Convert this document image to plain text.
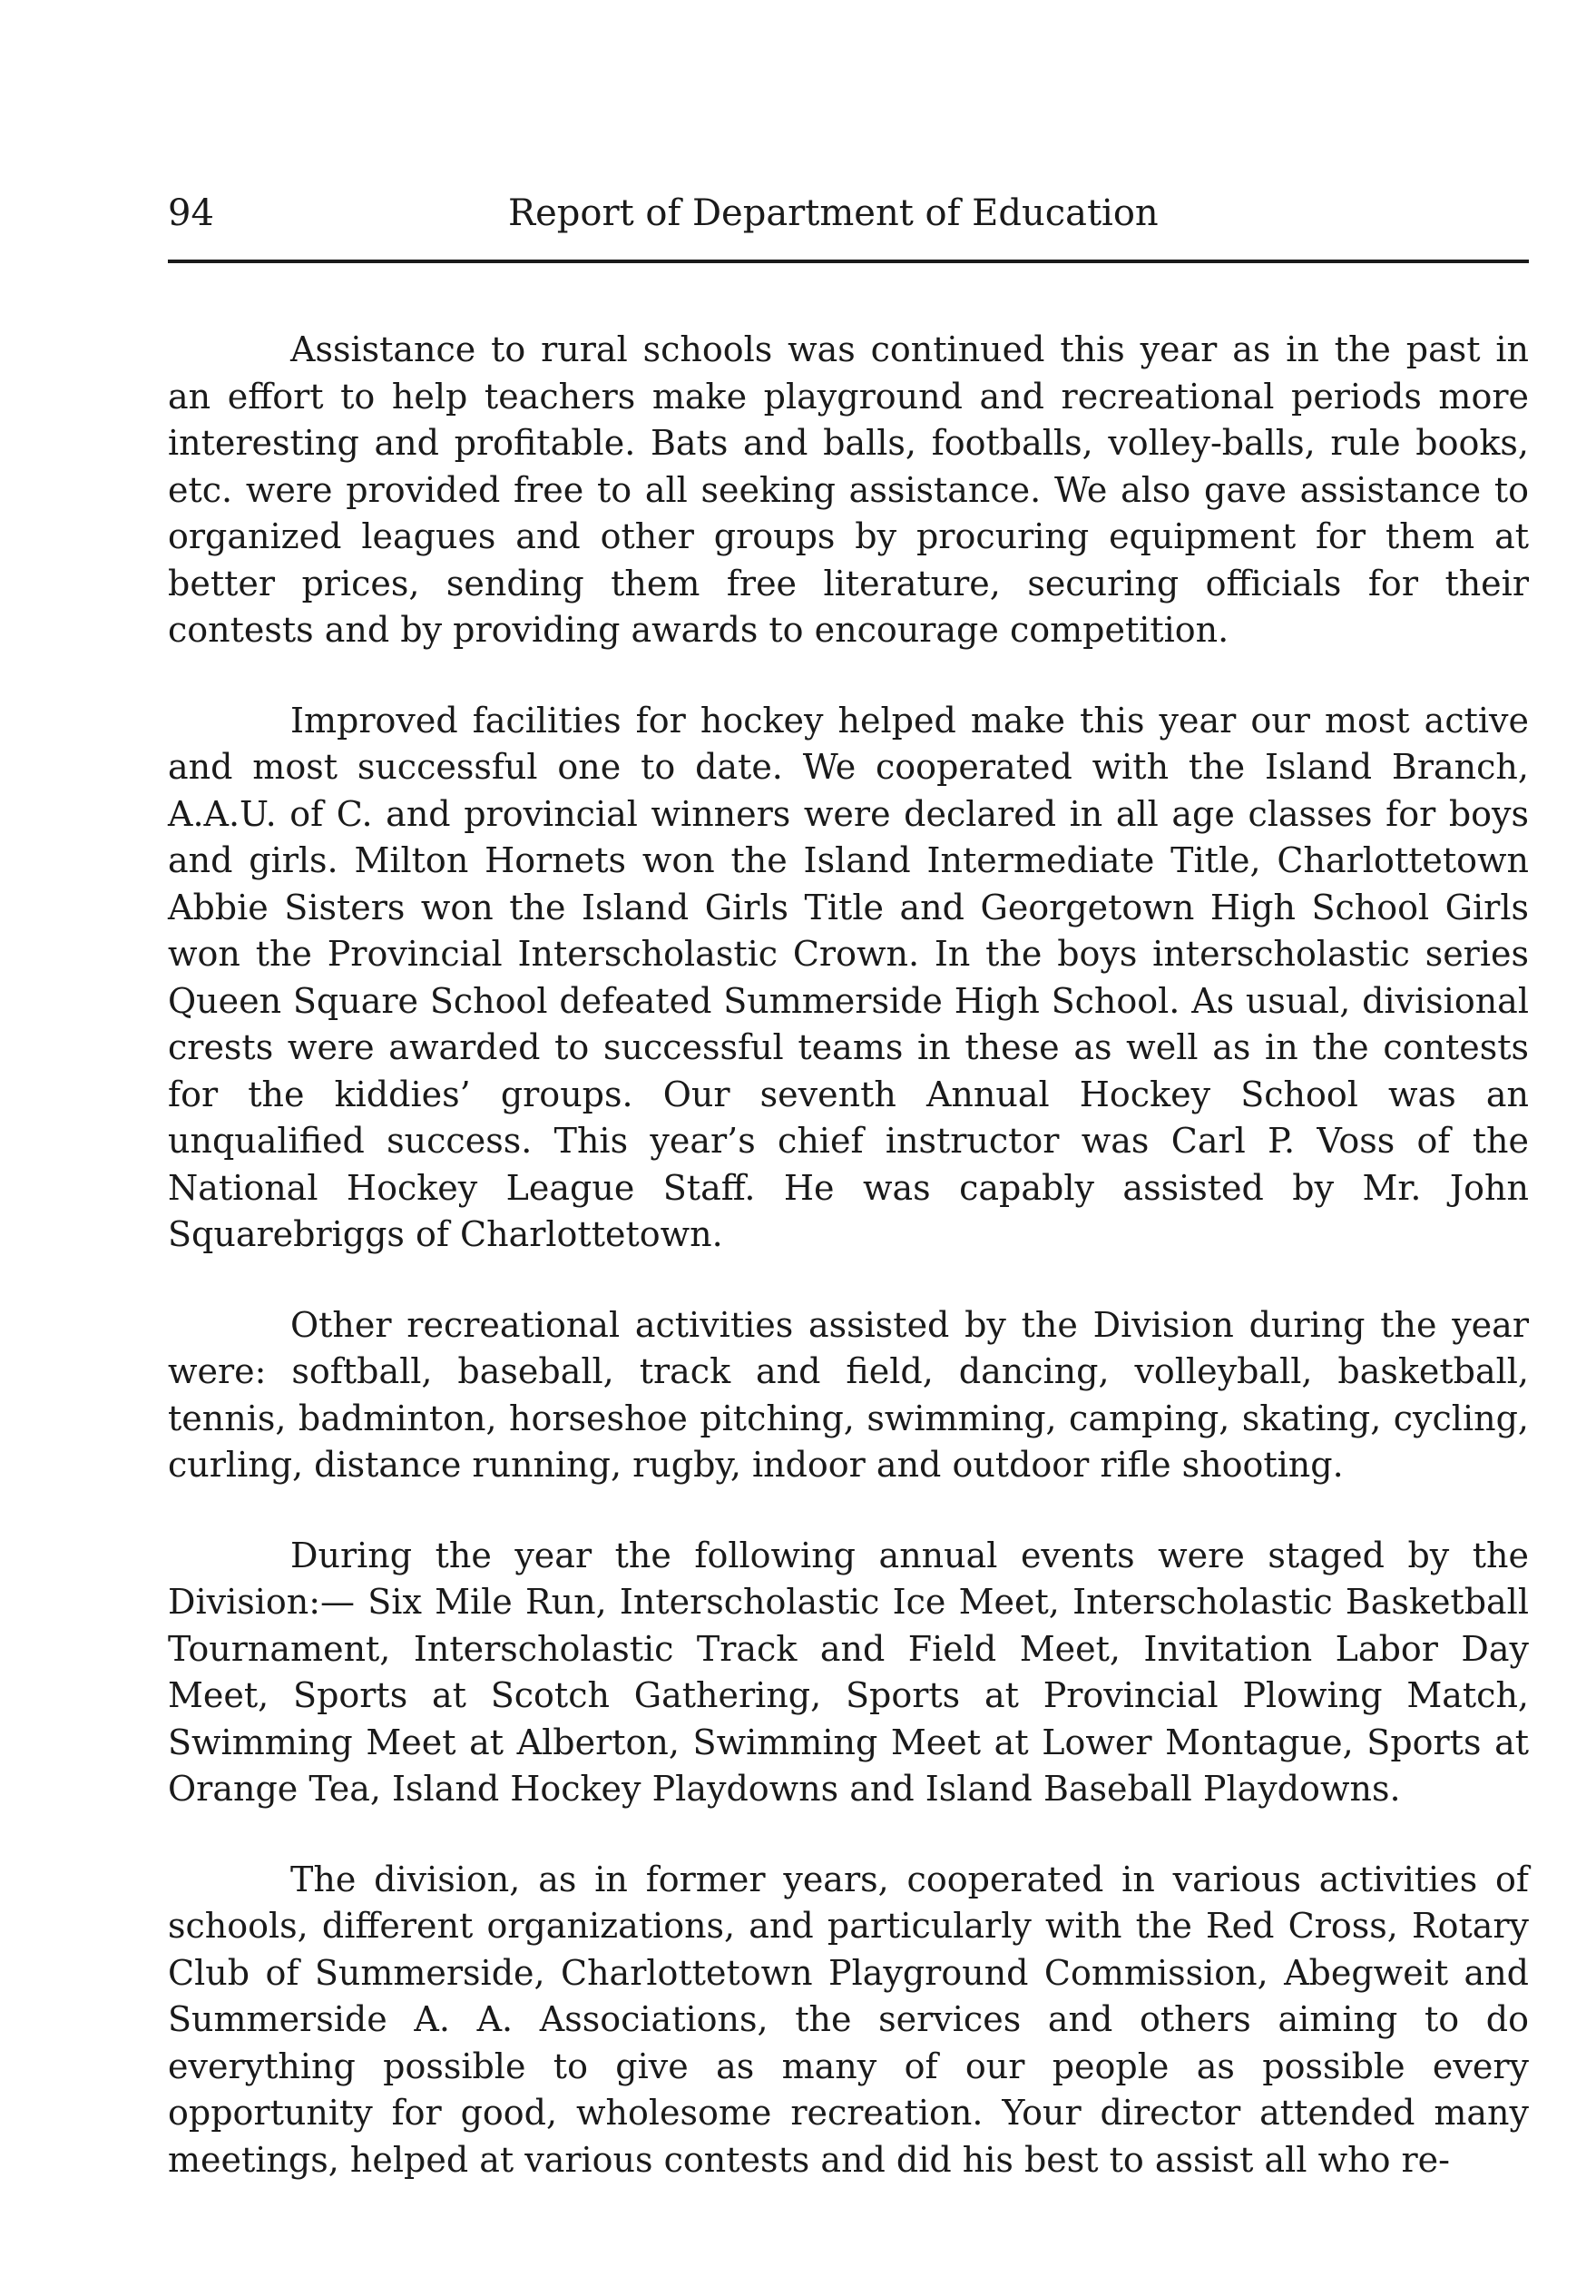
94	Report of Department of Education

Assistance to rural schools was continued this year as in the past in an effort to help teachers make playground and recreational periods more interesting and profitable. Bats and balls, footballs, volley-balls, rule books, etc. were provided free to all seeking assistance. We also gave assistance to organized leagues and other groups by procuring equipment for them at better prices, sending them free literature, securing officials for their contests and by providing awards to encourage competition.

Improved facilities for hockey helped make this year our most active and most successful one to date. We cooperated with the Island Branch, A.A.U. of C. and provincial winners were declared in all age classes for boys and girls. Milton Hornets won the Island Intermediate Title, Charlottetown Abbie Sisters won the Island Girls Title and Georgetown High School Girls won the Provincial Interscholastic Crown. In the boys interscholastic series Queen Square School defeated Summerside High School. As usual, divisional crests were awarded to successful teams in these as well as in the contests for the kiddies’ groups. Our seventh Annual Hockey School was an unqualified success. This year’s chief instructor was Carl P. Voss of the National Hockey League Staff. He was capably assisted by Mr. John Squarebriggs of Charlottetown.

Other recreational activities assisted by the Division during the year were: softball, baseball, track and field, dancing, volleyball, basketball, tennis, badminton, horseshoe pitching, swimming, camping, skating, cycling, curling, distance running, rugby, indoor and outdoor rifle shooting.

During the year the following annual events were staged by the Division:— Six Mile Run, Interscholastic Ice Meet, Interscholastic Basketball Tournament, Interscholastic Track and Field Meet, Invitation Labor Day Meet, Sports at Scotch Gathering, Sports at Provincial Plowing Match, Swimming Meet at Alberton, Swimming Meet at Lower Montague, Sports at Orange Tea, Island Hockey Playdowns and Island Baseball Playdowns.

The division, as in former years, cooperated in various activities of schools, different organizations, and particularly with the Red Cross, Rotary Club of Summerside, Charlottetown Playground Commission, Abegweit and Summerside A. A. Associations, the services and others aiming to do everything possible to give as many of our people as possible every opportunity for good, wholesome recreation. Your director attended many meetings, helped at various contests and did his best to assist all who re-
